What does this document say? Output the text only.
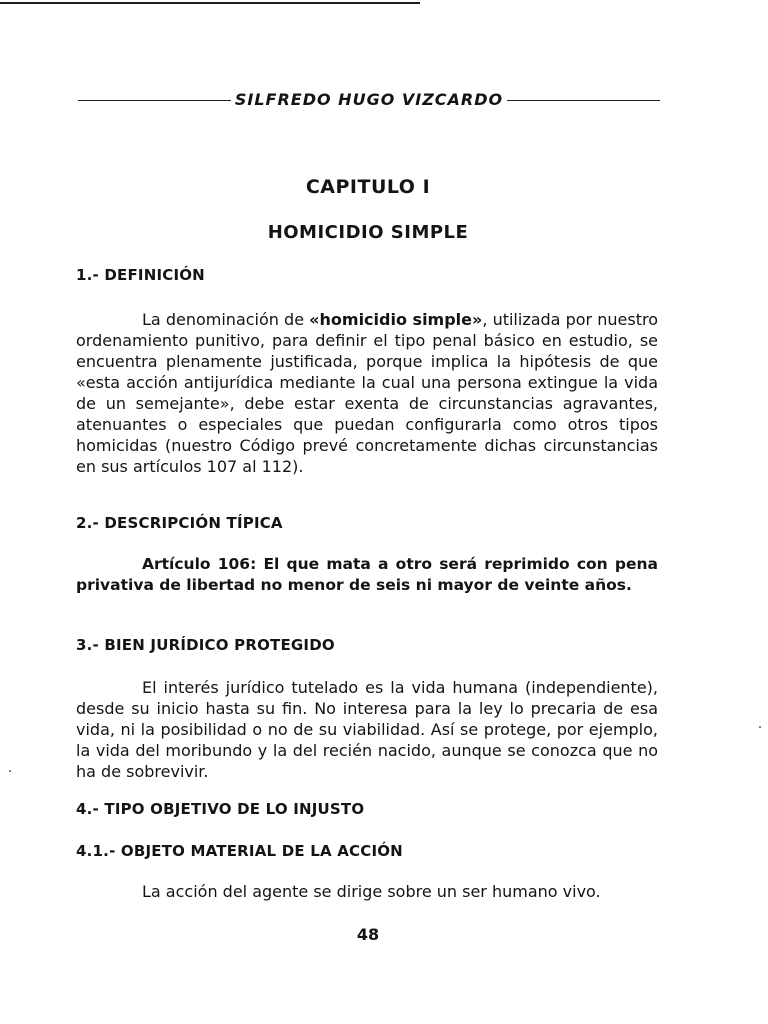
SILFREDO HUGO VIZCARDO
CAPITULO I
HOMICIDIO SIMPLE
1.- DEFINICIÓN

La denominación de «homicidio simple», utilizada por nuestro ordenamiento punitivo, para definir el tipo penal básico en estudio, se encuentra plenamente justificada, porque implica la hipótesis de que «esta acción antijurídica mediante la cual una persona extingue la vida de un semejante», debe estar exenta de circunstancias agravantes, atenuantes o especiales que puedan configurarla como otros tipos homicidas (nuestro Código prevé concretamente dichas circunstancias en sus artículos 107 al 112).

2.- DESCRIPCIÓN TÍPICA

Artículo 106: El que mata a otro será reprimido con pena privativa de libertad no menor de seis ni mayor de veinte años.

3.- BIEN JURÍDICO PROTEGIDO

El interés jurídico tutelado es la vida humana (independiente), desde su inicio hasta su fin. No interesa para la ley lo precaria de esa vida, ni la posibilidad o no de su viabilidad. Así se protege, por ejemplo, la vida del moribundo y la del recién nacido, aunque se conozca que no ha de sobrevivir.

4.- TIPO OBJETIVO DE LO INJUSTO
4.1.- OBJETO MATERIAL DE LA ACCIÓN
La acción del agente se dirige sobre un ser humano vivo.
48
